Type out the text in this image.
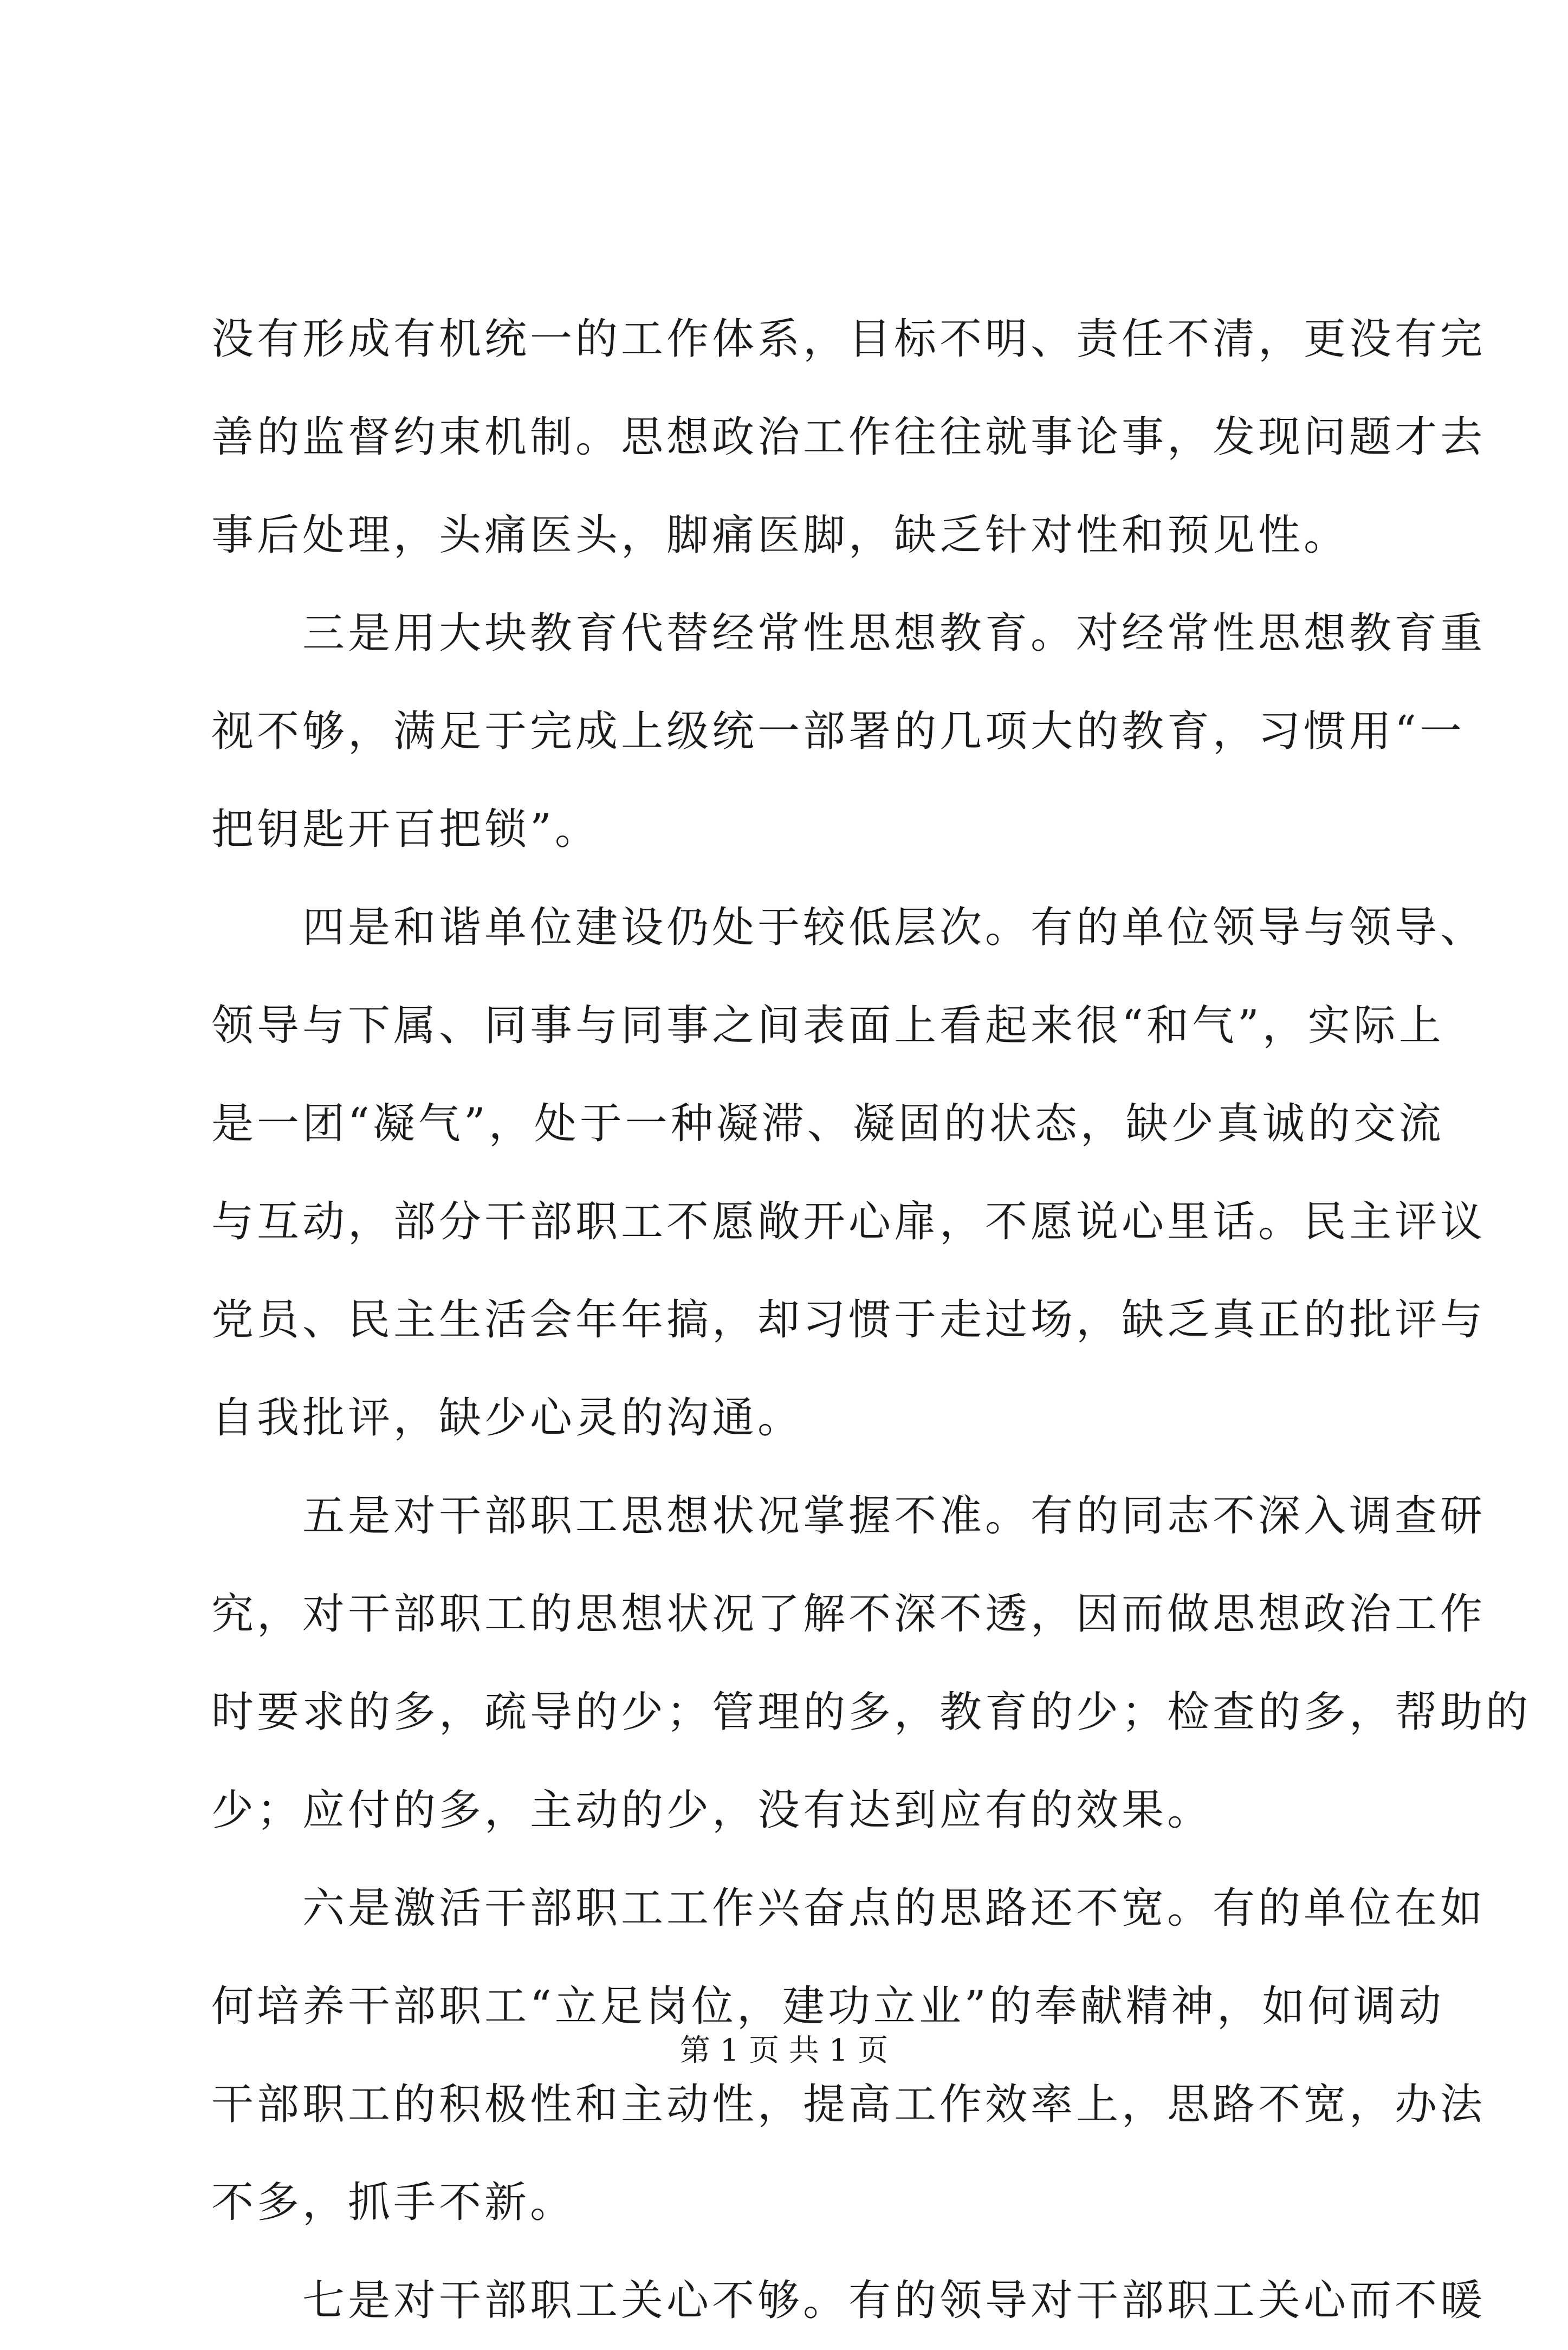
没有形成有机统一的工作体系，目标不明、责任不清，更没有完
善的监督约束机制。思想政治工作往往就事论事，发现问题才去
事后处理，头痛医头，脚痛医脚，缺乏针对性和预见性。
三是用大块教育代替经常性思想教育。对经常性思想教育重
视不够，满足于完成上级统一部署的几项大的教育，习惯用“一
把钥匙开百把锁”。
四是和谐单位建设仍处于较低层次。有的单位领导与领导、
领导与下属、同事与同事之间表面上看起来很“和气”，实际上
是一团“凝气”，处于一种凝滞、凝固的状态，缺少真诚的交流
与互动，部分干部职工不愿敞开心扉，不愿说心里话。民主评议
党员、民主生活会年年搞，却习惯于走过场，缺乏真正的批评与
自我批评，缺少心灵的沟通。
五是对干部职工思想状况掌握不准。有的同志不深入调查研
究，对干部职工的思想状况了解不深不透，因而做思想政治工作
时要求的多，疏导的少；管理的多，教育的少；检查的多，帮助的
少；应付的多，主动的少，没有达到应有的效果。
六是激活干部职工工作兴奋点的思路还不宽。有的单位在如
何培养干部职工“立足岗位，建功立业”的奉献精神，如何调动
干部职工的积极性和主动性，提高工作效率上，思路不宽，办法
不多，抓手不新。
七是对干部职工关心不够。有的领导对干部职工关心而不暖
第 1 页 共 1 页
